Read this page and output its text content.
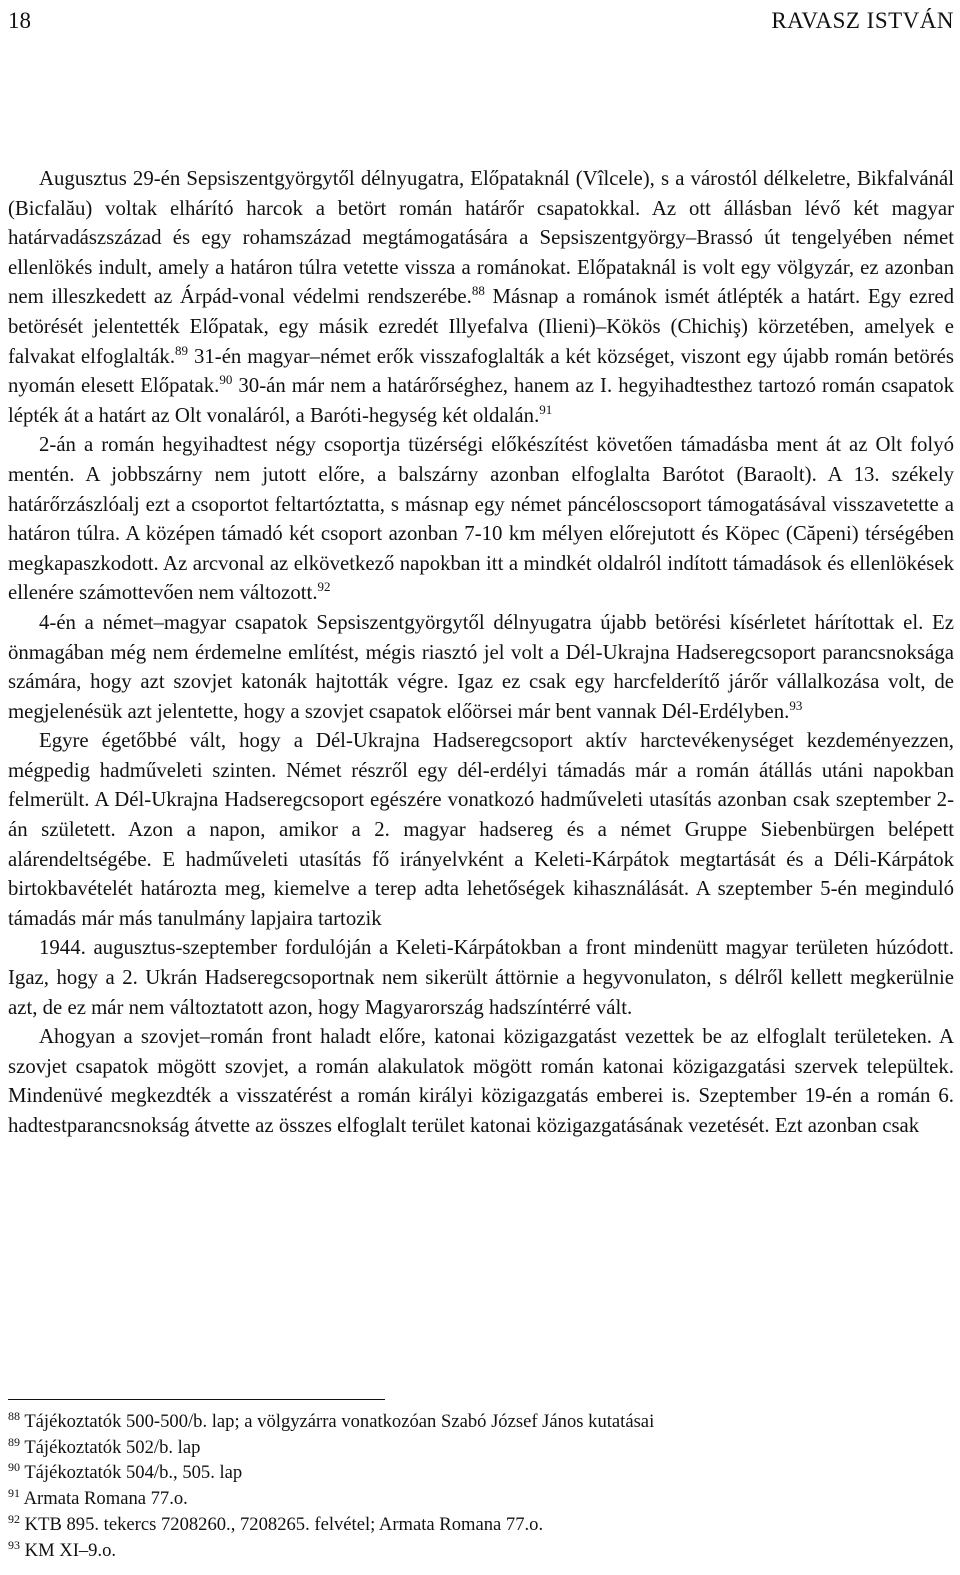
18	RAVASZ ISTVÁN

Augusztus 29-én Sepsiszentgyörgytől délnyugatra, Előpataknál (Vîlcele), s a várostól délkeletre, Bikfalvánál (Bicfalău) voltak elhárító harcok a betört román határőr csapatokkal. Az ott állásban lévő két magyar határvadászszázad és egy rohamszázad megtámogatására a Sepsiszentgyörgy–Brassó út tengelyében német ellenlökés indult, amely a határon túlra vetette vissza a románokat. Előpataknál is volt egy völgyzár, ez azonban nem illeszkedett az Árpád-vonal védelmi rendszerébe.$^{88}$ Másnap a románok ismét átlépték a határt. Egy ezred betörését jelentették Előpatak, egy másik ezredét Illyefalva (Ilieni)–Kökös (Chichiş) körzetében, amelyek e falvakat elfoglalták.$^{89}$ 31-én magyar–német erők visszafoglalták a két községet, viszont egy újabb román betörés nyomán elesett Előpatak.$^{90}$ 30-án már nem a határőrséghez, hanem az I. hegyihadtesthez tartozó román csapatok lépték át a határt az Olt vonaláról, a Baróti-hegység két oldalán.$^{91}$

2-án a román hegyihadtest négy csoportja tüzérségi előkészítést követően támadásba ment át az Olt folyó mentén. A jobbszárny nem jutott előre, a balszárny azonban elfoglalta Barótot (Baraolt). A 13. székely határőrzászlóalj ezt a csoportot feltartóztatta, s másnap egy német páncéloscsoport támogatásával visszavetette a határon túlra. A középen támadó két csoport azonban 7-10 km mélyen előrejutott és Köpec (Căpeni) térségében megkapaszkodott. Az arcvonal az elkövetkező napokban itt a mindkét oldalról indított támadások és ellenlökések ellenére számottevően nem változott.$^{92}$

4-én a német–magyar csapatok Sepsiszentgyörgytől délnyugatra újabb betörési kísérletet hárítottak el. Ez önmagában még nem érdemelne említést, mégis riasztó jel volt a Dél-Ukrajna Hadseregcsoport parancsnoksága számára, hogy azt szovjet katonák hajtották végre. Igaz ez csak egy harcfelderítő járőr vállalkozása volt, de megjelenésük azt jelentette, hogy a szovjet csapatok előörsei már bent vannak Dél-Erdélyben.$^{93}$

Egyre égetőbbé vált, hogy a Dél-Ukrajna Hadseregcsoport aktív harctevékenységet kezdeményezzen, mégpedig hadműveleti szinten. Német részről egy dél-erdélyi támadás már a román átállás utáni napokban felmerült. A Dél-Ukrajna Hadseregcsoport egészére vonatkozó hadműveleti utasítás azonban csak szeptember 2-án született. Azon a napon, amikor a 2. magyar hadsereg és a német Gruppe Siebenbürgen belépett alárendeltségébe. E hadműveleti utasítás fő irányelvként a Keleti-Kárpátok megtartását és a Déli-Kárpátok birtokbavételét határozta meg, kiemelve a terep adta lehetőségek kihasználását. A szeptember 5-én meginduló támadás már más tanulmány lapjaira tartozik

1944. augusztus-szeptember fordulóján a Keleti-Kárpátokban a front mindenütt magyar területen húzódott. Igaz, hogy a 2. Ukrán Hadseregcsoportnak nem sikerült áttörnie a hegyvonulaton, s délről kellett megkerülnie azt, de ez már nem változtatott azon, hogy Magyarország hadszíntérré vált.

Ahogyan a szovjet–román front haladt előre, katonai közigazgatást vezettek be az elfoglalt területeken. A szovjet csapatok mögött szovjet, a román alakulatok mögött román katonai közigazgatási szervek települtek. Mindenüvé megkezdték a visszatérést a román királyi közigazgatás emberei is. Szeptember 19-én a román 6. hadtestparancsnokság átvette az összes elfoglalt terület katonai közigazgatásának vezetését. Ezt azonban csak

$^{88}$ Tájékoztatók 500-500/b. lap; a völgyzárra vonatkozóan Szabó József János kutatásai
$^{89}$ Tájékoztatók 502/b. lap
$^{90}$ Tájékoztatók 504/b., 505. lap
$^{91}$ Armata Romana 77.o.
$^{92}$ KTB 895. tekercs 7208260., 7208265. felvétel; Armata Romana 77.o.
$^{93}$ KM XI–9.o.
